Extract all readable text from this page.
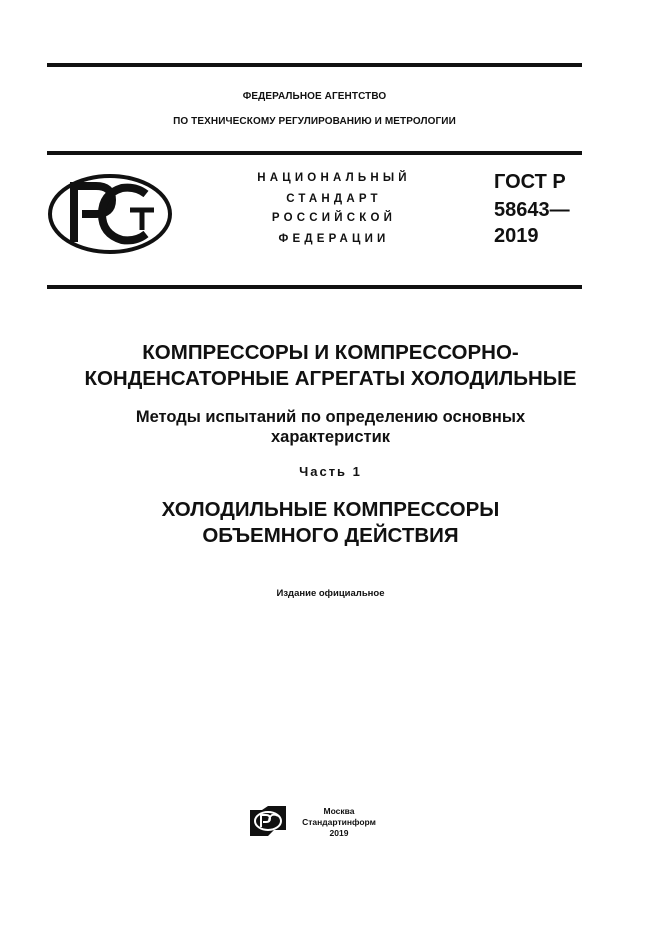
ФЕДЕРАЛЬНОЕ АГЕНТСТВО
ПО ТЕХНИЧЕСКОМУ РЕГУЛИРОВАНИЮ И МЕТРОЛОГИИ
НАЦИОНАЛЬНЫЙ
СТАНДАРТ
РОССИЙСКОЙ
ФЕДЕРАЦИИ
ГОСТ Р
58643—
2019
КОМПРЕССОРЫ И КОМПРЕССОРНО-
КОНДЕНСАТОРНЫЕ АГРЕГАТЫ ХОЛОДИЛЬНЫЕ
Методы испытаний по определению основных
характеристик
Часть 1
ХОЛОДИЛЬНЫЕ КОМПРЕССОРЫ
ОБЪЕМНОГО ДЕЙСТВИЯ
Издание официальное
Москва
Стандартинформ
2019
